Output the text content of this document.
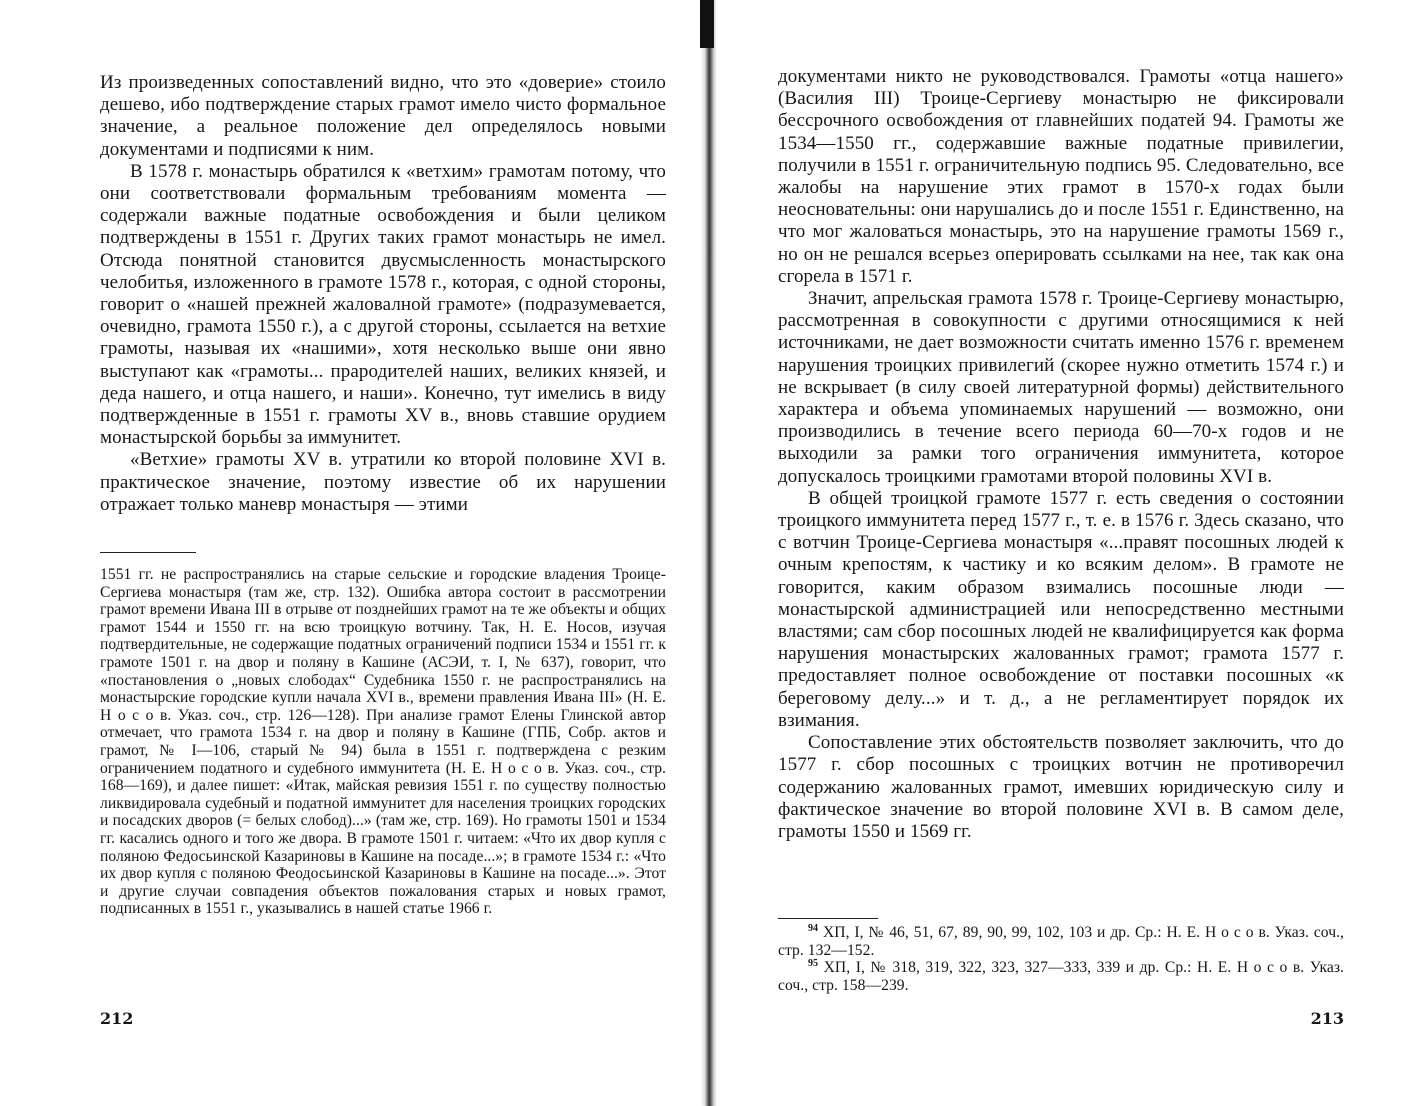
Из произведенных сопоставлений видно, что это «доверие» стоило дешево, ибо подтверждение старых грамот имело чисто формальное значение, а реальное положение дел определялось новыми документами и подписями к ним.

В 1578 г. монастырь обратился к «ветхим» грамотам потому, что они соответствовали формальным требованиям момента — содержали важные податные освобождения и были целиком подтверждены в 1551 г. Других таких грамот монастырь не имел. Отсюда понятной становится двусмысленность монастырского челобитья, изложенного в грамоте 1578 г., которая, с одной стороны, говорит о «нашей прежней жаловалной грамоте» (подразумевается, очевидно, грамота 1550 г.), а с другой стороны, ссылается на ветхие грамоты, называя их «нашими», хотя несколько выше они явно выступают как «грамоты... прародителей наших, великих князей, и деда нашего, и отца нашего, и наши». Конечно, тут имелись в виду подтвержденные в 1551 г. грамоты XV в., вновь ставшие орудием монастырской борьбы за иммунитет.

«Ветхие» грамоты XV в. утратили ко второй половине XVI в. практическое значение, поэтому известие об их нарушении отражает только маневр монастыря — этими

1551 гг. не распространялись на старые сельские и городские владения Троице-Сергиева монастыря (там же, стр. 132). Ошибка автора состоит в рассмотрении грамот времени Ивана III в отрыве от позднейших грамот на те же объекты и общих грамот 1544 и 1550 гг. на всю троицкую вотчину. Так, Н. Е. Носов, изучая подтвердительные, не содержащие податных ограничений подписи 1534 и 1551 гг. к грамоте 1501 г. на двор и поляну в Кашине (АСЭИ, т. I, № 637), говорит, что «постановления о „новых слободах“ Судебника 1550 г. не распространялись на монастырские городские купли начала XVI в., времени правления Ивана III» (Н. Е. Н о с о в. Указ. соч., стр. 126—128). При анализе грамот Елены Глинской автор отмечает, что грамота 1534 г. на двор и поляну в Кашине (ГПБ, Собр. актов и грамот, № I—106, старый № 94) была в 1551 г. подтверждена с резким ограничением податного и судебного иммунитета (Н. Е. Н о с о в. Указ. соч., стр. 168—169), и далее пишет: «Итак, майская ревизия 1551 г. по существу полностью ликвидировала судебный и податной иммунитет для населения троицких городских и посадских дворов (= белых слобод)...» (там же, стр. 169). Но грамоты 1501 и 1534 гг. касались одного и того же двора. В грамоте 1501 г. читаем: «Что их двор купля с поляною Федосьинской Казариновы в Кашине на посаде...»; в грамоте 1534 г.: «Что их двор купля с поляною Феодосьинской Казариновы в Кашине на посаде...». Этот и другие случаи совпадения объектов пожалования старых и новых грамот, подписанных в 1551 г., указывались в нашей статье 1966 г.

212

документами никто не руководствовался. Грамоты «отца нашего» (Василия III) Троице-Сергиеву монастырю не фиксировали бессрочного освобождения от главнейших податей 94. Грамоты же 1534—1550 гг., содержавшие важные податные привилегии, получили в 1551 г. ограничительную подпись 95. Следовательно, все жалобы на нарушение этих грамот в 1570-х годах были неосновательны: они нарушались до и после 1551 г. Единственно, на что мог жаловаться монастырь, это на нарушение грамоты 1569 г., но он не решался всерьез оперировать ссылками на нее, так как она сгорела в 1571 г.

Значит, апрельская грамота 1578 г. Троице-Сергиеву монастырю, рассмотренная в совокупности с другими относящимися к ней источниками, не дает возможности считать именно 1576 г. временем нарушения троицких привилегий (скорее нужно отметить 1574 г.) и не вскрывает (в силу своей литературной формы) действительного характера и объема упоминаемых нарушений — возможно, они производились в течение всего периода 60—70-х годов и не выходили за рамки того ограничения иммунитета, которое допускалось троицкими грамотами второй половины XVI в.

В общей троицкой грамоте 1577 г. есть сведения о состоянии троицкого иммунитета перед 1577 г., т. е. в 1576 г. Здесь сказано, что с вотчин Троице-Сергиева монастыря «...правят посошных людей к очным крепостям, к частику и ко всяким делом». В грамоте не говорится, каким образом взимались посошные люди — монастырской администрацией или непосредственно местными властями; сам сбор посошных людей не квалифицируется как форма нарушения монастырских жалованных грамот; грамота 1577 г. предоставляет полное освобождение от поставки посошных «к береговому делу...» и т. д., а не регламентирует порядок их взимания.

Сопоставление этих обстоятельств позволяет заключить, что до 1577 г. сбор посошных с троицких вотчин не противоречил содержанию жалованных грамот, имевших юридическую силу и фактическое значение во второй половине XVI в. В самом деле, грамоты 1550 и 1569 гг.

$^{94}$ ХП, I, № 46, 51, 67, 89, 90, 99, 102, 103 и др. Ср.: Н. Е. Н о с о в. Указ. соч., стр. 132—152.

$^{95}$ ХП, I, № 318, 319, 322, 323, 327—333, 339 и др. Ср.: Н. Е. Н о с о в. Указ. соч., стр. 158—239.

213
